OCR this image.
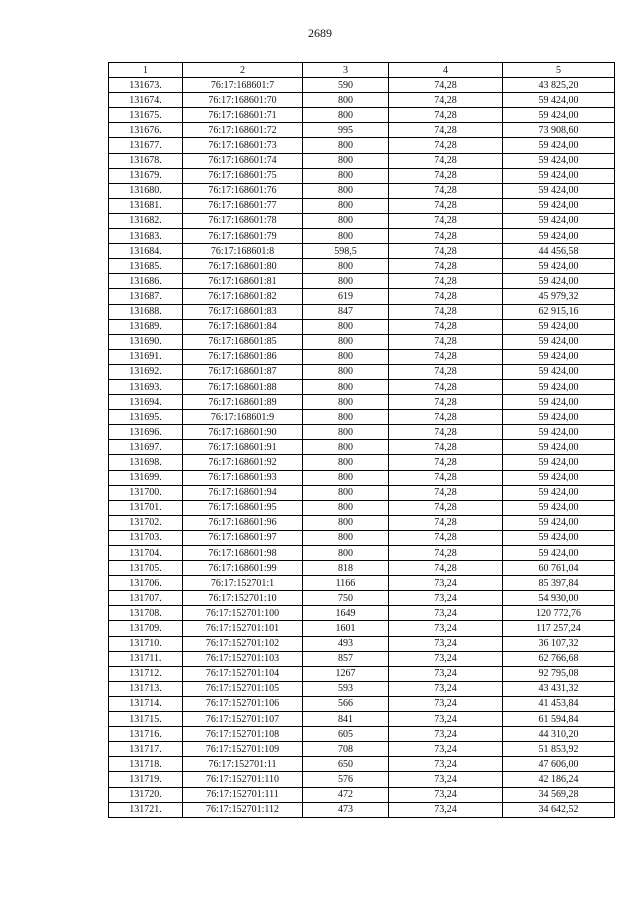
2689
1	2	3	4	5
131673.	76:17:168601:7	590	74,28	43 825,20
131674.	76:17:168601:70	800	74,28	59 424,00
131675.	76:17:168601:71	800	74,28	59 424,00
131676.	76:17:168601:72	995	74,28	73 908,60
131677.	76:17:168601:73	800	74,28	59 424,00
131678.	76:17:168601:74	800	74,28	59 424,00
131679.	76:17:168601:75	800	74,28	59 424,00
131680.	76:17:168601:76	800	74,28	59 424,00
131681.	76:17:168601:77	800	74,28	59 424,00
131682.	76:17:168601:78	800	74,28	59 424,00
131683.	76:17:168601:79	800	74,28	59 424,00
131684.	76:17:168601:8	598,5	74,28	44 456,58
131685.	76:17:168601:80	800	74,28	59 424,00
131686.	76:17:168601:81	800	74,28	59 424,00
131687.	76:17:168601:82	619	74,28	45 979,32
131688.	76:17:168601:83	847	74,28	62 915,16
131689.	76:17:168601:84	800	74,28	59 424,00
131690.	76:17:168601:85	800	74,28	59 424,00
131691.	76:17:168601:86	800	74,28	59 424,00
131692.	76:17:168601:87	800	74,28	59 424,00
131693.	76:17:168601:88	800	74,28	59 424,00
131694.	76:17:168601:89	800	74,28	59 424,00
131695.	76:17:168601:9	800	74,28	59 424,00
131696.	76:17:168601:90	800	74,28	59 424,00
131697.	76:17:168601:91	800	74,28	59 424,00
131698.	76:17:168601:92	800	74,28	59 424,00
131699.	76:17:168601:93	800	74,28	59 424,00
131700.	76:17:168601:94	800	74,28	59 424,00
131701.	76:17:168601:95	800	74,28	59 424,00
131702.	76:17:168601:96	800	74,28	59 424,00
131703.	76:17:168601:97	800	74,28	59 424,00
131704.	76:17:168601:98	800	74,28	59 424,00
131705.	76:17:168601:99	818	74,28	60 761,04
131706.	76:17:152701:1	1166	73,24	85 397,84
131707.	76:17:152701:10	750	73,24	54 930,00
131708.	76:17:152701:100	1649	73,24	120 772,76
131709.	76:17:152701:101	1601	73,24	117 257,24
131710.	76:17:152701:102	493	73,24	36 107,32
131711.	76:17:152701:103	857	73,24	62 766,68
131712.	76:17:152701:104	1267	73,24	92 795,08
131713.	76:17:152701:105	593	73,24	43 431,32
131714.	76:17:152701:106	566	73,24	41 453,84
131715.	76:17:152701:107	841	73,24	61 594,84
131716.	76:17:152701:108	605	73,24	44 310,20
131717.	76:17:152701:109	708	73,24	51 853,92
131718.	76:17:152701:11	650	73,24	47 606,00
131719.	76:17:152701:110	576	73,24	42 186,24
131720.	76:17:152701:111	472	73,24	34 569,28
131721.	76:17:152701:112	473	73,24	34 642,52
